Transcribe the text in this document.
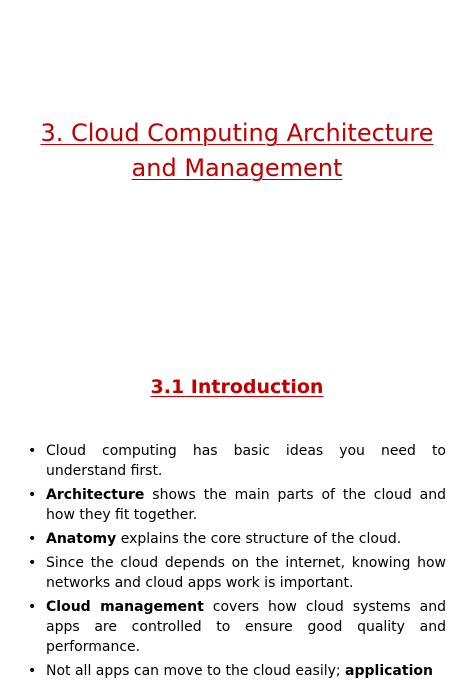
3. Cloud Computing Architecture
and Management
3.1 Introduction
• Cloud computing has basic ideas you need to understand first.
• Architecture shows the main parts of the cloud and how they fit together.
• Anatomy explains the core structure of the cloud.
• Since the cloud depends on the internet, knowing how networks and cloud apps work is important.
• Cloud management covers how cloud systems and apps are controlled to ensure good quality and performance.
• Not all apps can move to the cloud easily; application
